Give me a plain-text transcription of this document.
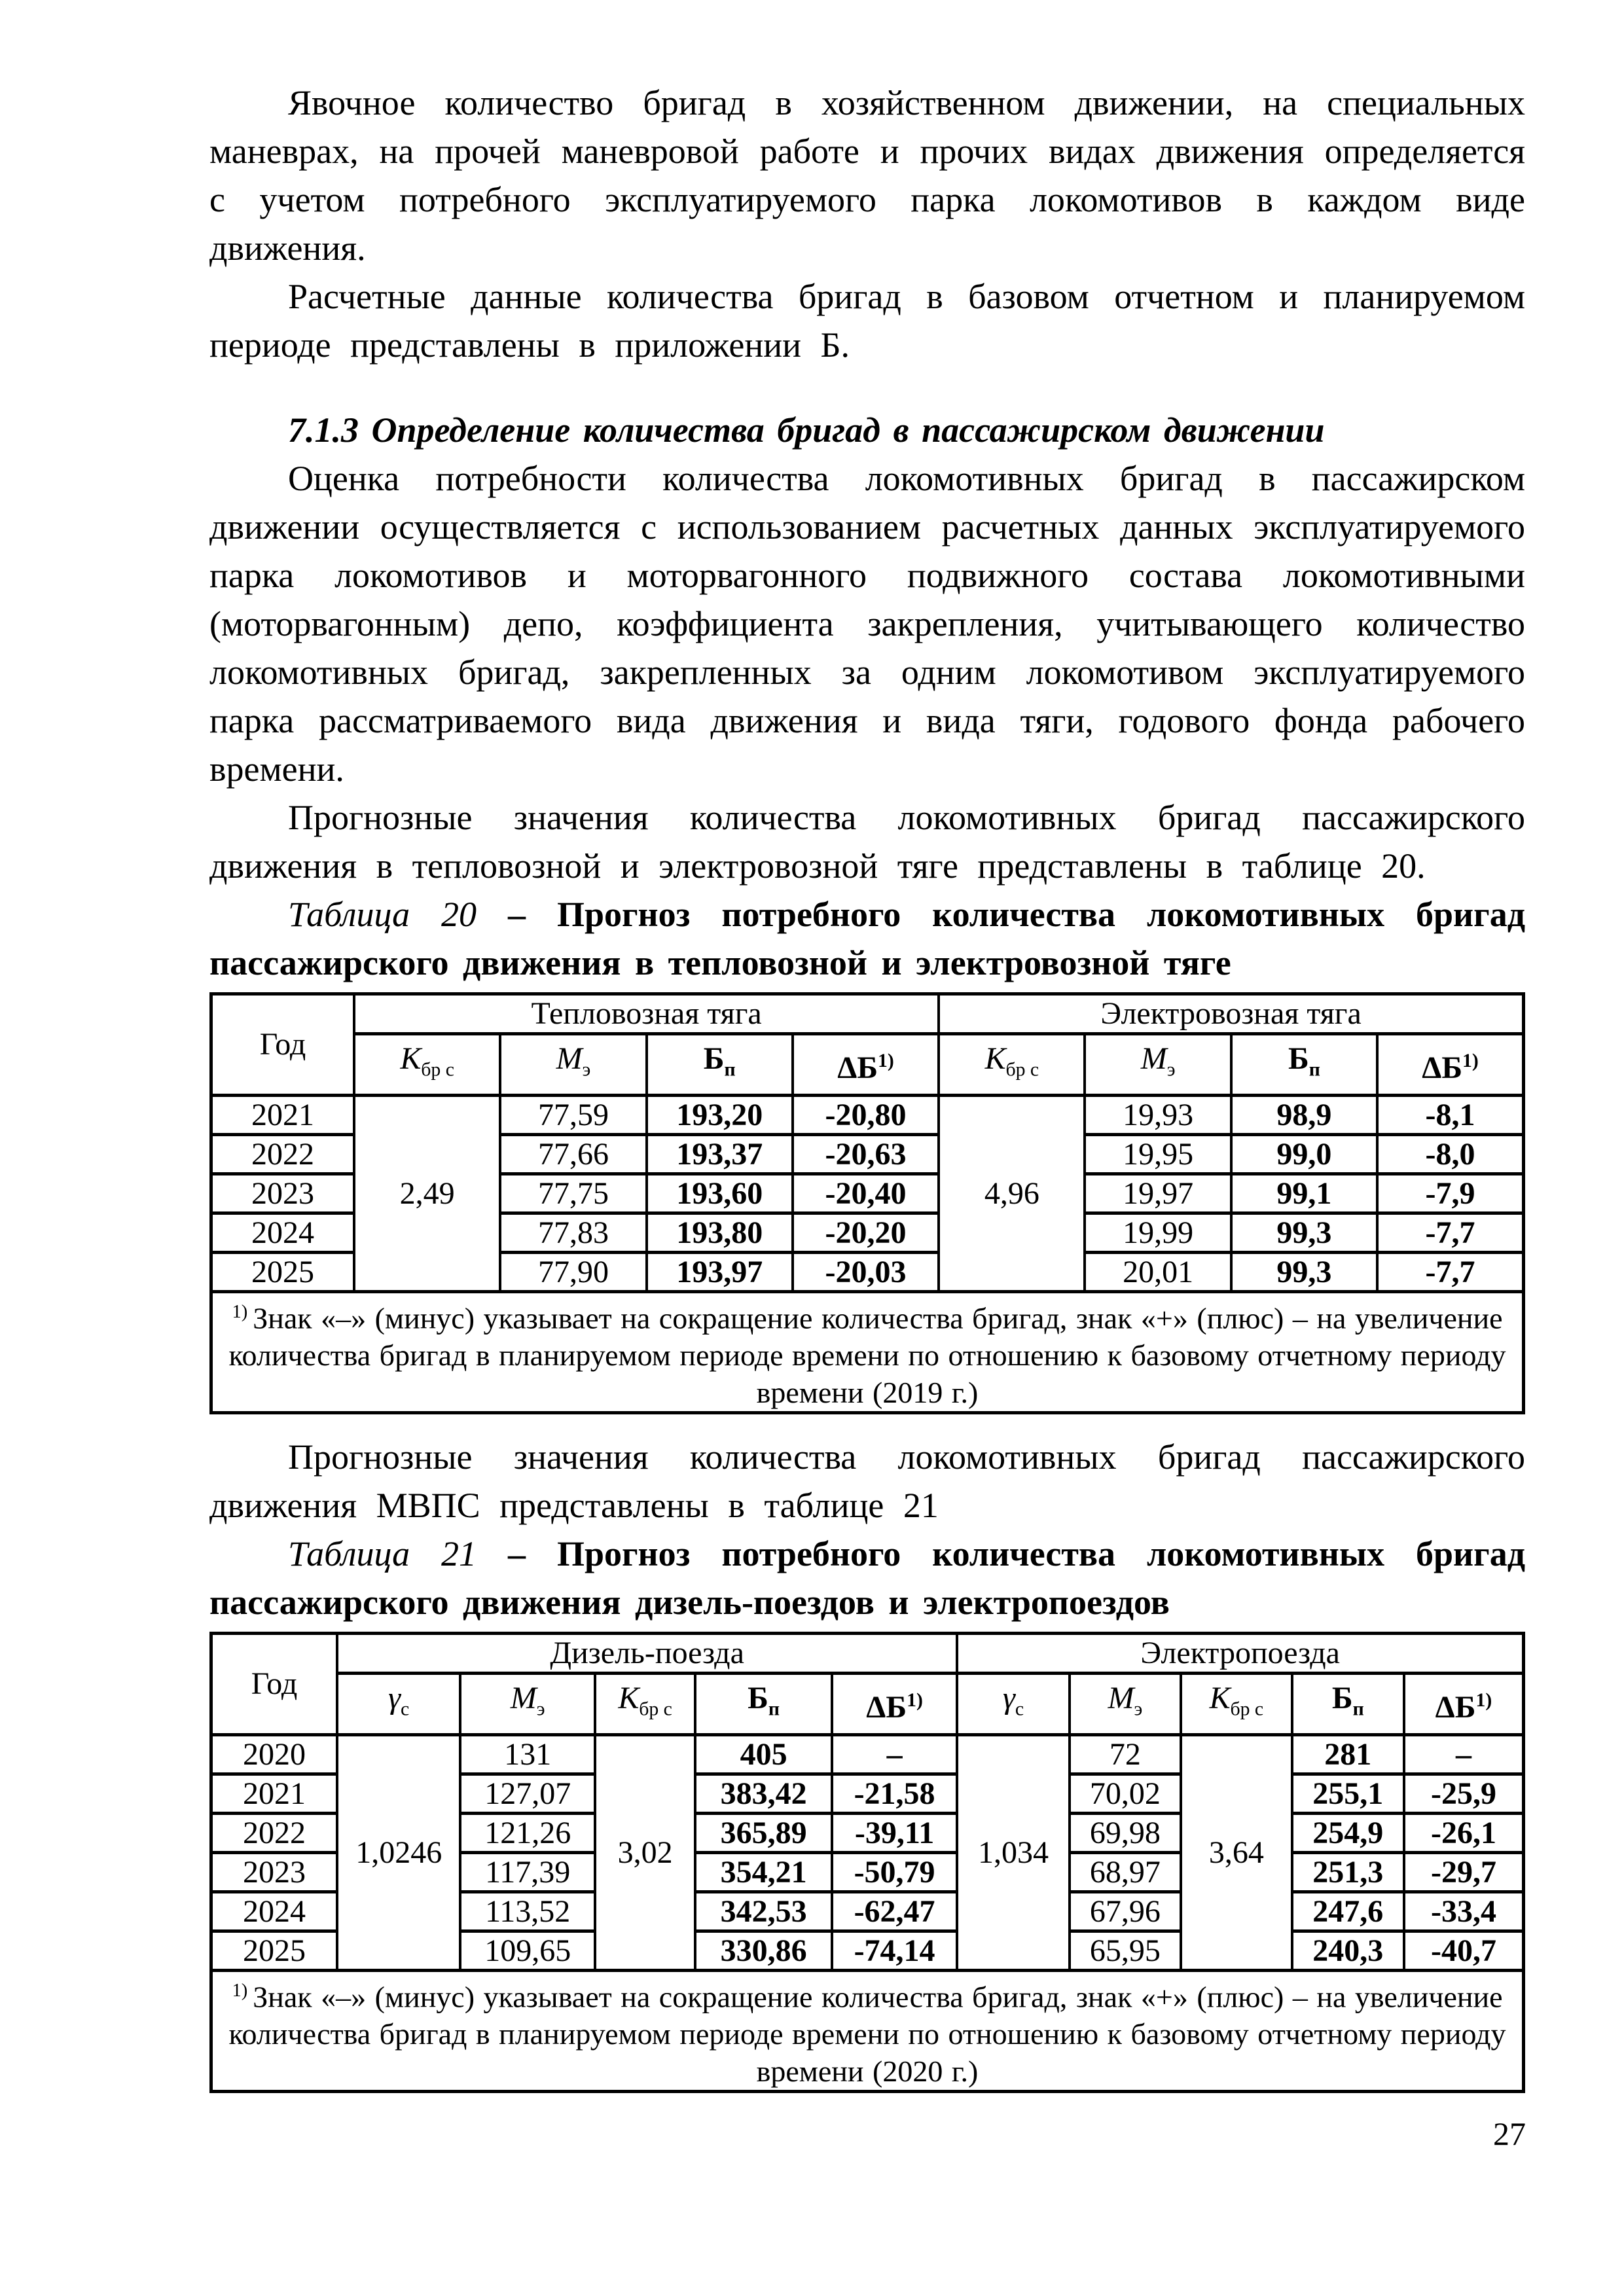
Явочное количество бригад в хозяйственном движении, на специальных маневрах, на прочей маневровой работе и прочих видах движения определяется с учетом потребного эксплуатируемого парка локомотивов в каждом виде движения.

Расчетные данные количества бригад в базовом отчетном и планируемом периоде представлены в приложении Б.

7.1.3 Определение количества бригад в пассажирском движении

Оценка потребности количества локомотивных бригад в пассажирском движении осуществляется с использованием расчетных данных эксплуатируемого парка локомотивов и моторвагонного подвижного состава локомотивными (моторвагонным) депо, коэффициента закрепления, учитывающего количество локомотивных бригад, закрепленных за одним локомотивом эксплуатируемого парка рассматриваемого вида движения и вида тяги, годового фонда рабочего времени.

Прогнозные значения количества локомотивных бригад пассажирского движения в тепловозной и электровозной тяге представлены в таблице 20.

Таблица 20 – Прогноз потребного количества локомотивных бригад пассажирского движения в тепловозной и электровозной тяге

Год	Тепловозная тяга				Электровозная тяга			
	$К_{бр с}$	$М_э$	$Б_п$	ΔБ$^{1)}$	$К_{бр с}$	$М_э$	$Б_п$	ΔБ$^{1)}$
2021	2,49	77,59	193,20	-20,80	4,96	19,93	98,9	-8,1
2022		77,66	193,37	-20,63		19,95	99,0	-8,0
2023		77,75	193,60	-20,40		19,97	99,1	-7,9
2024		77,83	193,80	-20,20		19,99	99,3	-7,7
2025		77,90	193,97	-20,03		20,01	99,3	-7,7
$^{1)}$ Знак «–» (минус) указывает на сокращение количества бригад, знак «+» (плюс) – на увеличение количества бригад в планируемом периоде времени по отношению к базовому отчетному периоду времени (2019 г.)								

Прогнозные значения количества локомотивных бригад пассажирского движения МВПС представлены в таблице 21

Таблица 21 – Прогноз потребного количества локомотивных бригад пассажирского движения дизель-поездов и электропоездов

Год	Дизель-поезда					Электропоезда				
	$\gamma_с$	$М_э$	$К_{бр с}$	$Б_п$	ΔБ$^{1)}$	$\gamma_с$	$М_э$	$К_{бр с}$	$Б_п$	ΔБ$^{1)}$
2020	1,0246	131	3,02	405	–	1,034	72	3,64	281	–
2021		127,07		383,42	-21,58		70,02		255,1	-25,9
2022		121,26		365,89	-39,11		69,98		254,9	-26,1
2023		117,39		354,21	-50,79		68,97		251,3	-29,7
2024		113,52		342,53	-62,47		67,96		247,6	-33,4
2025		109,65		330,86	-74,14		65,95		240,3	-40,7
$^{1)}$ Знак «–» (минус) указывает на сокращение количества бригад, знак «+» (плюс) – на увеличение количества бригад в планируемом периоде времени по отношению к базовому отчетному периоду времени (2020 г.)										
27
